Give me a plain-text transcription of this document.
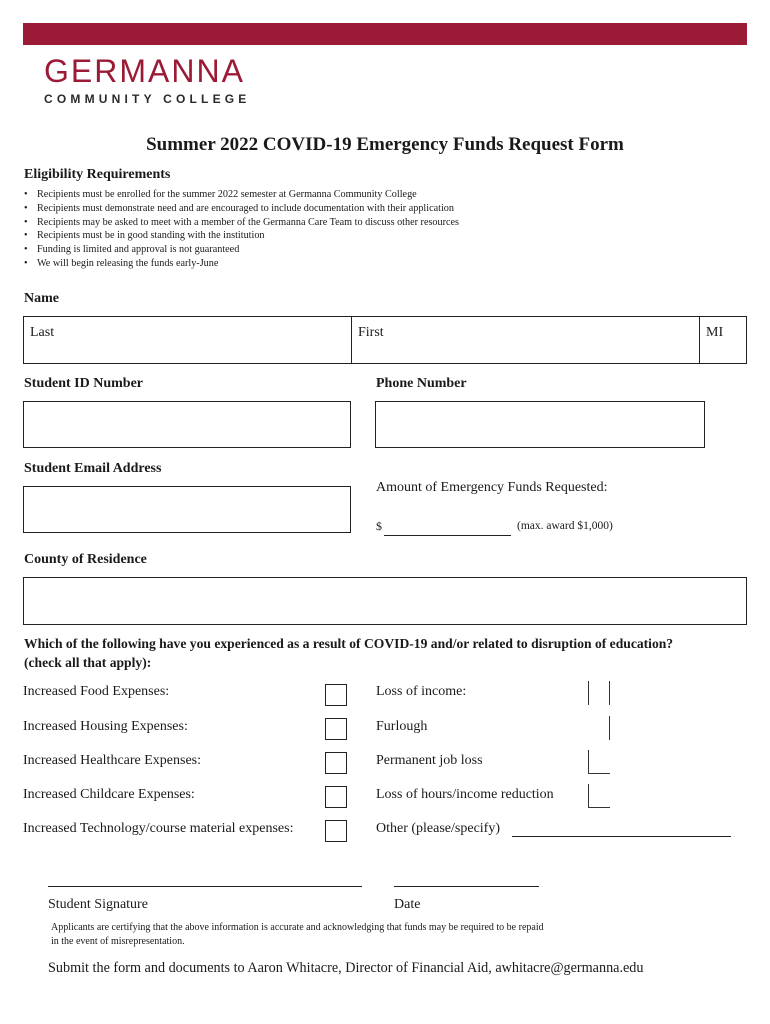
GERMANNA
COMMUNITY COLLEGE
Summer 2022 COVID-19 Emergency Funds Request Form
Eligibility Requirements
• Recipients must be enrolled for the summer 2022 semester at Germanna Community College
• Recipients must demonstrate need and are encouraged to include documentation with their application
• Recipients may be asked to meet with a member of the Germanna Care Team to discuss other resources
• Recipients must be in good standing with the institution
• Funding is limited and approval is not guaranteed
• We will begin releasing the funds early-June
Name
Last	First	MI
Student ID Number	Phone Number
Student Email Address
Amount of Emergency Funds Requested:
$	(max. award $1,000)
County of Residence
Which of the following have you experienced as a result of COVID-19 and/or related to disruption of education?
(check all that apply):
Increased Food Expenses:
Increased Housing Expenses:
Increased Healthcare Expenses:
Increased Childcare Expenses:
Increased Technology/course material expenses:
Loss of income:
Furlough
Permanent job loss
Loss of hours/income reduction
Other (please/specify)
Student Signature	Date
Applicants are certifying that the above information is accurate and acknowledging that funds may be required to be repaid
in the event of misrepresentation.
Submit the form and documents to Aaron Whitacre, Director of Financial Aid, awhitacre@germanna.edu
